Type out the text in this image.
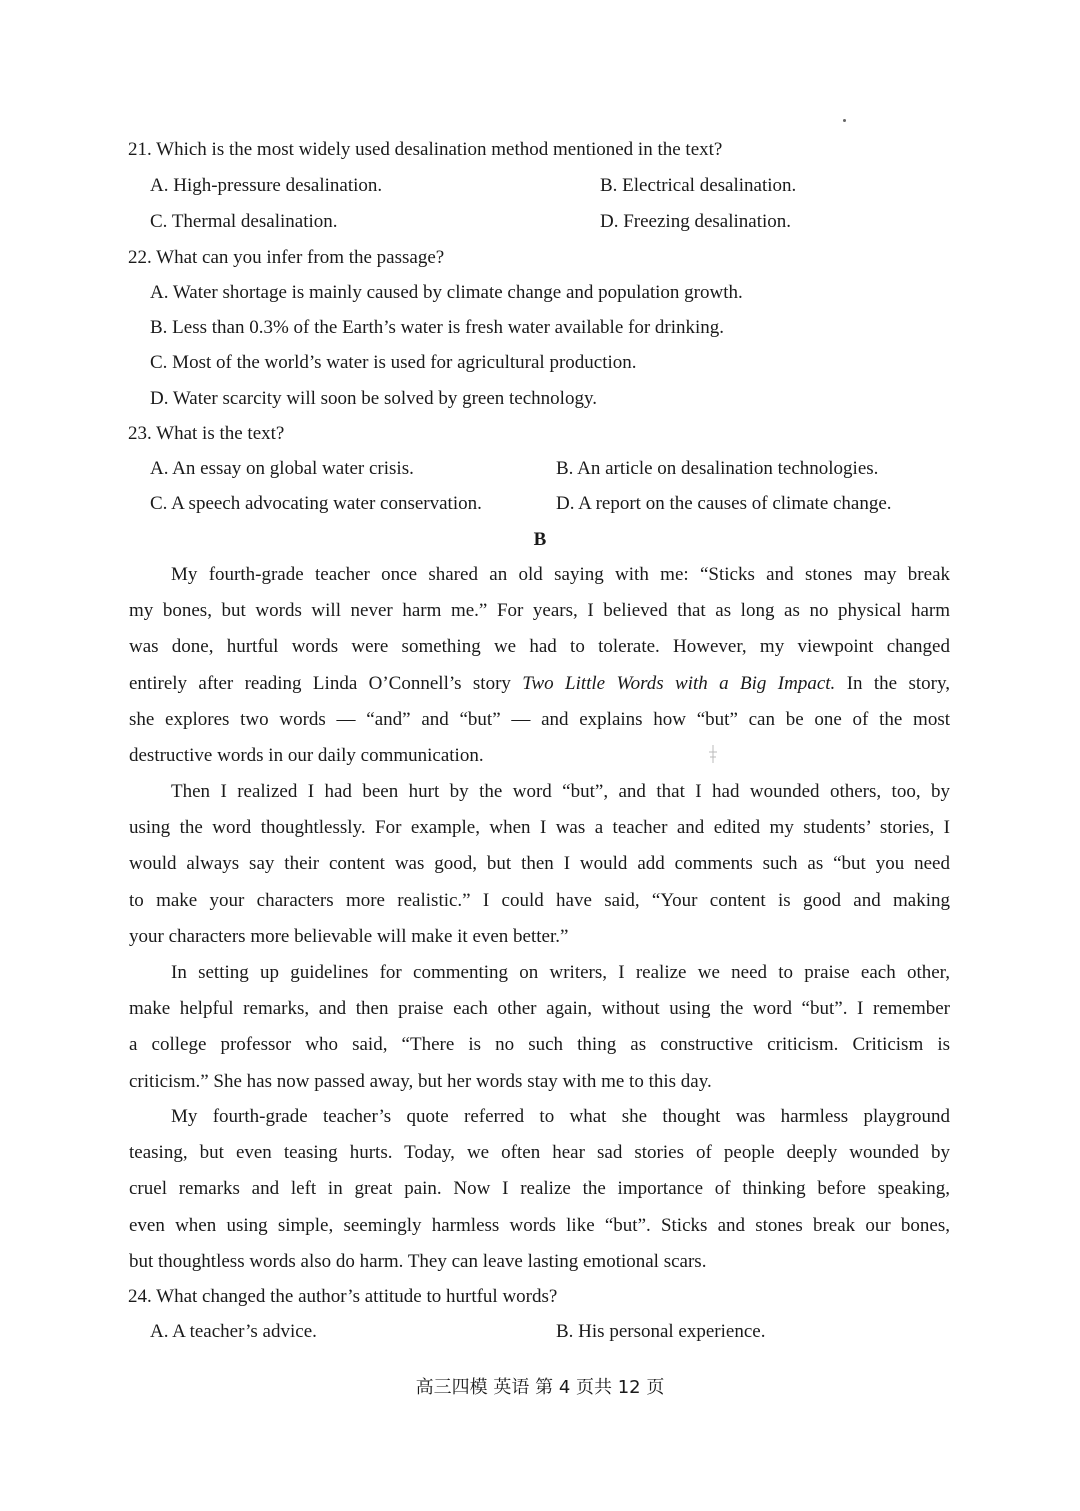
21. Which is the most widely used desalination method mentioned in the text?
A. High-pressure desalination.	B. Electrical desalination.
C. Thermal desalination.	D. Freezing desalination.
22. What can you infer from the passage?
A. Water shortage is mainly caused by climate change and population growth.
B. Less than 0.3% of the Earth’s water is fresh water available for drinking.
C. Most of the world’s water is used for agricultural production.
D. Water scarcity will soon be solved by green technology.
23. What is the text?
A. An essay on global water crisis.	B. An article on desalination technologies.
C. A speech advocating water conservation.	D. A report on the causes of climate change.
B
My fourth-grade teacher once shared an old saying with me: “Sticks and stones may break
my bones, but words will never harm me.” For years, I believed that as long as no physical harm
was done, hurtful words were something we had to tolerate. However, my viewpoint changed
entirely after reading Linda O’Connell’s story Two Little Words with a Big Impact. In the story,
she explores two words — “and” and “but” — and explains how “but” can be one of the most
destructive words in our daily communication.
Then I realized I had been hurt by the word “but”, and that I had wounded others, too, by
using the word thoughtlessly. For example, when I was a teacher and edited my students’ stories, I
would always say their content was good, but then I would add comments such as “but you need
to make your characters more realistic.” I could have said, “Your content is good and making
your characters more believable will make it even better.”
In setting up guidelines for commenting on writers, I realize we need to praise each other,
make helpful remarks, and then praise each other again, without using the word “but”. I remember
a college professor who said, “There is no such thing as constructive criticism. Criticism is
criticism.” She has now passed away, but her words stay with me to this day.
My fourth-grade teacher’s quote referred to what she thought was harmless playground
teasing, but even teasing hurts. Today, we often hear sad stories of people deeply wounded by
cruel remarks and left in great pain. Now I realize the importance of thinking before speaking,
even when using simple, seemingly harmless words like “but”. Sticks and stones break our bones,
but thoughtless words also do harm. They can leave lasting emotional scars.
24. What changed the author’s attitude to hurtful words?
A. A teacher’s advice.	B. His personal experience.
高三四模 英语 第 4 页共 12 页
